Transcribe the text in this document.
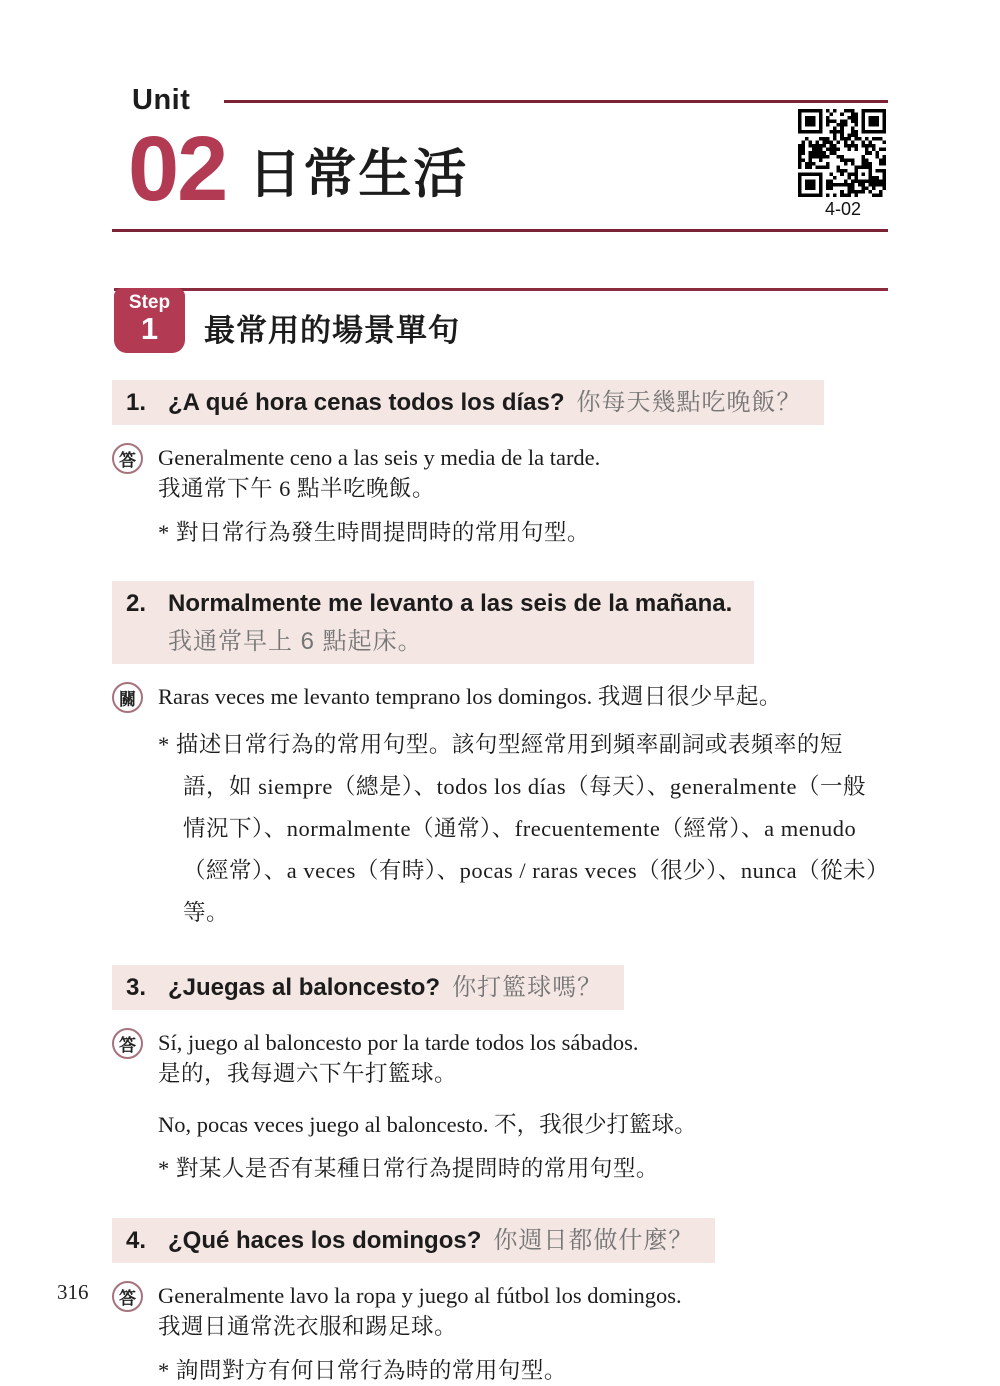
Unit
02 日常生活
4-02
Step
1	最常用的場景單句
1. ¿A qué hora cenas todos los días? 你每天幾點吃晚飯？
答 Generalmente ceno a las seis y media de la tarde.
我通常下午 6 點半吃晚飯。
* 對日常行為發生時間提問時的常用句型。
2. Normalmente me levanto a las seis de la mañana.
我通常早上 6 點起床。
關 Raras veces me levanto temprano los domingos. 我週日很少早起。
* 描述日常行為的常用句型。該句型經常用到頻率副詞或表頻率的短語，如 siempre（總是）、todos los días（每天）、generalmente（一般情況下）、normalmente（通常）、frecuentemente（經常）、a menudo（經常）、a veces（有時）、pocas / raras veces（很少）、nunca（從未）等。
3. ¿Juegas al baloncesto? 你打籃球嗎？
答 Sí, juego al baloncesto por la tarde todos los sábados.
是的，我每週六下午打籃球。
No, pocas veces juego al baloncesto. 不，我很少打籃球。
* 對某人是否有某種日常行為提問時的常用句型。
4. ¿Qué haces los domingos? 你週日都做什麼？
答 Generalmente lavo la ropa y juego al fútbol los domingos.
我週日通常洗衣服和踢足球。
* 詢問對方有何日常行為時的常用句型。
316
